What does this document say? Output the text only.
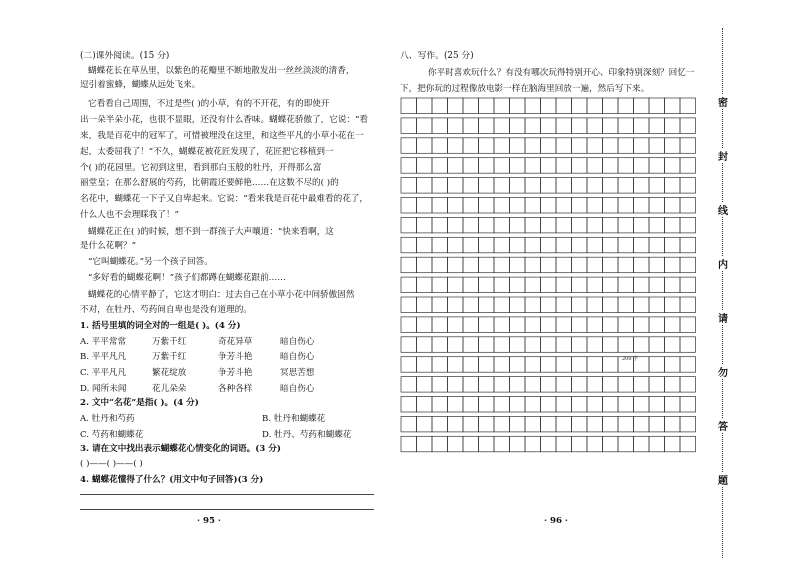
(二)课外阅读。(15 分)
蝴蝶花长在草丛里，以紫色的花瓣里不断地散发出一丝丝淡淡的清香，
逗引着蜜蜂，蝴蝶从远处飞来。
它看看自己周围，不过是些( )的小草，有的不开花，有的即使开
出一朵半朵小花，也很不显眼，还没有什么香味。蝴蝶花骄傲了，它说：“看
来，我是百花中的冠军了，可惜被埋没在这里，和这些平凡的小草小花在一
起，太委屈我了！”不久，蝴蝶花被花匠发现了，花匠把它移植到一
个( )的花园里。它初到这里，看到那白玉般的牡丹，开得那么富
丽堂皇；在那么舒展的芍药，比朝霞还要鲜艳……在这数不尽的( )的
名花中，蝴蝶花一下子又自卑起来。它说：“看来我是百花中最难看的花了，
什么人也不会理睬我了！”
蝴蝶花正在( )的时候，想不到一群孩子大声嚷道：“快来看啊，这
是什么花啊？”
“它叫蝴蝶花。”另一个孩子回答。
“多好看的蝴蝶花啊！”孩子们都蹲在蝴蝶花跟前……
蝴蝶花的心情平静了，它这才明白：过去自己在小草小花中间骄傲固然
不对，在牡丹、芍药间自卑也是没有道理的。
1. 括号里填的词全对的一组是( )。(4 分)
A. 平平常常	万紫千红	奇花异草	暗自伤心
B. 平平凡凡	万紫千红	争芳斗艳	暗自伤心
C. 平平凡凡	繁花绽放	争芳斗艳	冥思苦想
D. 闻所未闻	花儿朵朵	各种各样	暗自伤心
2. 文中“名花”是指( )。(4 分)
A. 牡丹和芍药	B. 牡丹和蝴蝶花
C. 芍药和蝴蝶花	D. 牡丹、芍药和蝴蝶花
3. 请在文中找出表示蝴蝶花心情变化的词语。(3 分)
( )——( )——( )
4. 蝴蝶花懂得了什么？(用文中句子回答)(3 分)
· 95 ·
八、写作。(25 分)
你平时喜欢玩什么？有没有哪次玩得特别开心、印象特别深刻？回忆一
下，把你玩的过程像放电影一样在脑海里回放一遍，然后写下来。
200 字
· 96 ·
密
封
线
内
请
勿
答
题
